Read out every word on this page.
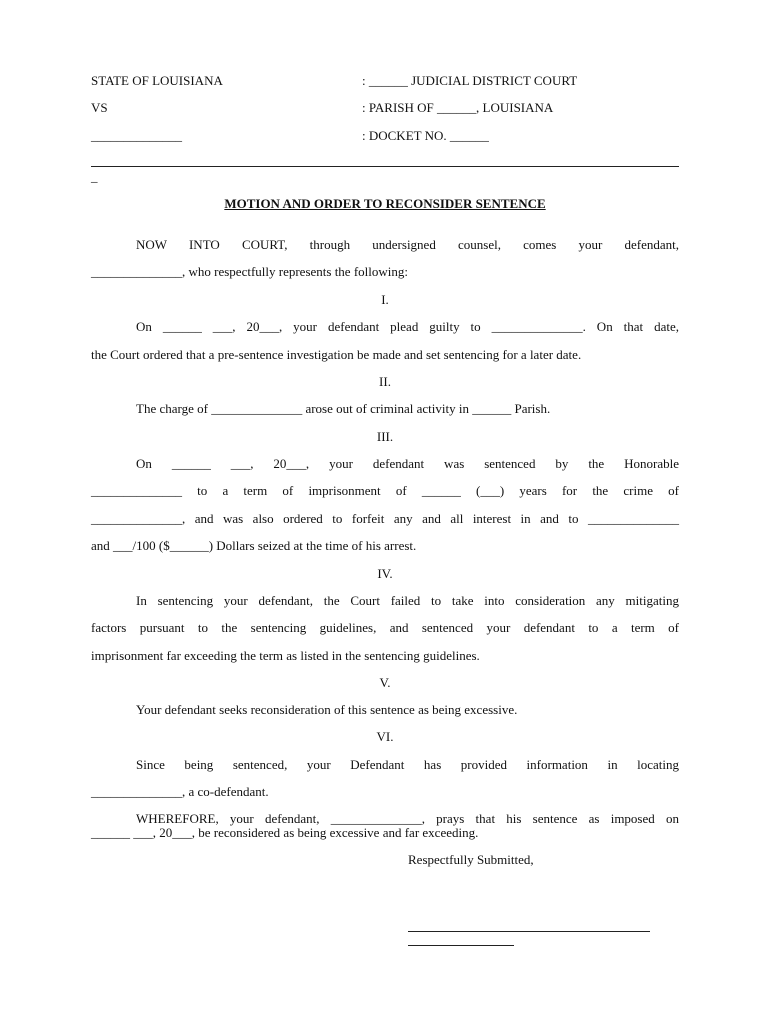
STATE OF LOUISIANA	: ______ JUDICIAL DISTRICT COURT
VS	: PARISH OF ______, LOUISIANA
______________	: DOCKET NO. ______
_
MOTION AND ORDER TO RECONSIDER SENTENCE
NOW INTO COURT, through undersigned counsel, comes your defendant,
______________, who respectfully represents the following:
I.
On ______ ___, 20___, your defendant plead guilty to ______________. On that date,
the Court ordered that a pre-sentence investigation be made and set sentencing for a later date.
II.
The charge of ______________ arose out of criminal activity in ______ Parish.
III.
On ______ ___, 20___, your defendant was sentenced by the Honorable
______________ to a term of imprisonment of ______ (___) years for the crime of
______________, and was also ordered to forfeit any and all interest in and to ______________
and ___/100 ($______) Dollars seized at the time of his arrest.
IV.
In sentencing your defendant, the Court failed to take into consideration any mitigating
factors pursuant to the sentencing guidelines, and sentenced your defendant to a term of
imprisonment far exceeding the term as listed in the sentencing guidelines.
V.
Your defendant seeks reconsideration of this sentence as being excessive.
VI.
Since being sentenced, your Defendant has provided information in locating
______________, a co-defendant.
WHEREFORE, your defendant, ______________, prays that his sentence as imposed on
______ ___, 20___, be reconsidered as being excessive and far exceeding.
Respectfully Submitted,
